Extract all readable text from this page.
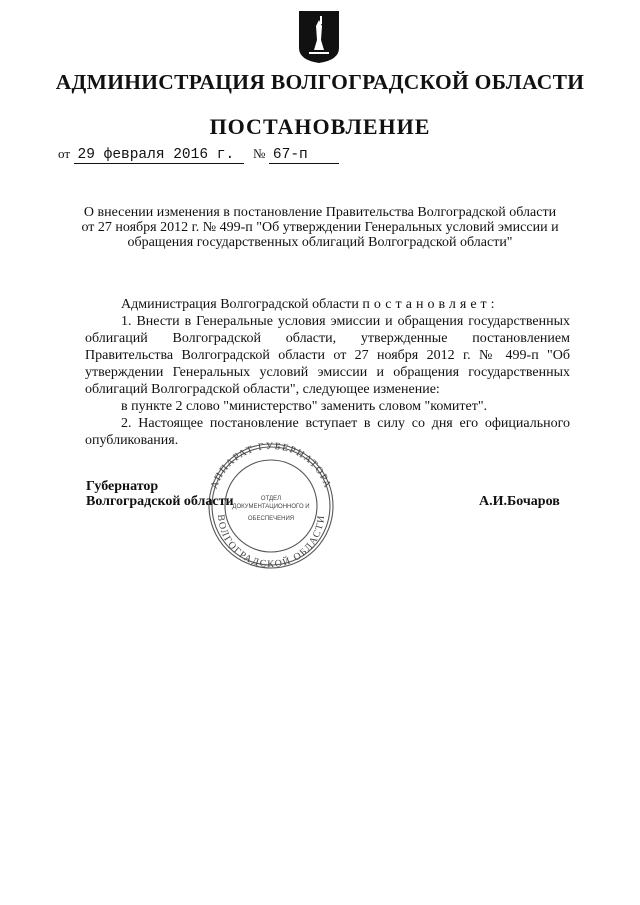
АДМИНИСТРАЦИЯ ВОЛГОГРАДСКОЙ ОБЛАСТИ
ПОСТАНОВЛЕНИЕ
от 29 февраля 2016 г. № 67-п
О внесении изменения в постановление Правительства Волгоградской области от 27 ноября 2012 г. № 499-п "Об утверждении Генеральных условий эмиссии и обращения государственных облигаций Волгоградской области"

Администрация Волгоградской области постановляет:

1. Внести в Генеральные условия эмиссии и обращения государственных облигаций Волгоградской области, утвержденные постановлением Правительства Волгоградской области от 27 ноября 2012 г. № 499-п "Об утверждении Генеральных условий эмиссии и обращения государственных облигаций Волгоградской области", следующее изменение:

в пункте 2 слово "министерство" заменить словом "комитет".

2. Настоящее постановление вступает в силу со дня его официального опубликования.

АППАРАТ ГУБЕРНАТОРА
ВОЛГОГРАДСКОЙ ОБЛАСТИ
ОТДЕЛ
ДОКУМЕНТАЦИОННОГО И
ОБЕСПЕЧЕНИЯ
Губернатор
Волгоградской области	А.И.Бочаров
